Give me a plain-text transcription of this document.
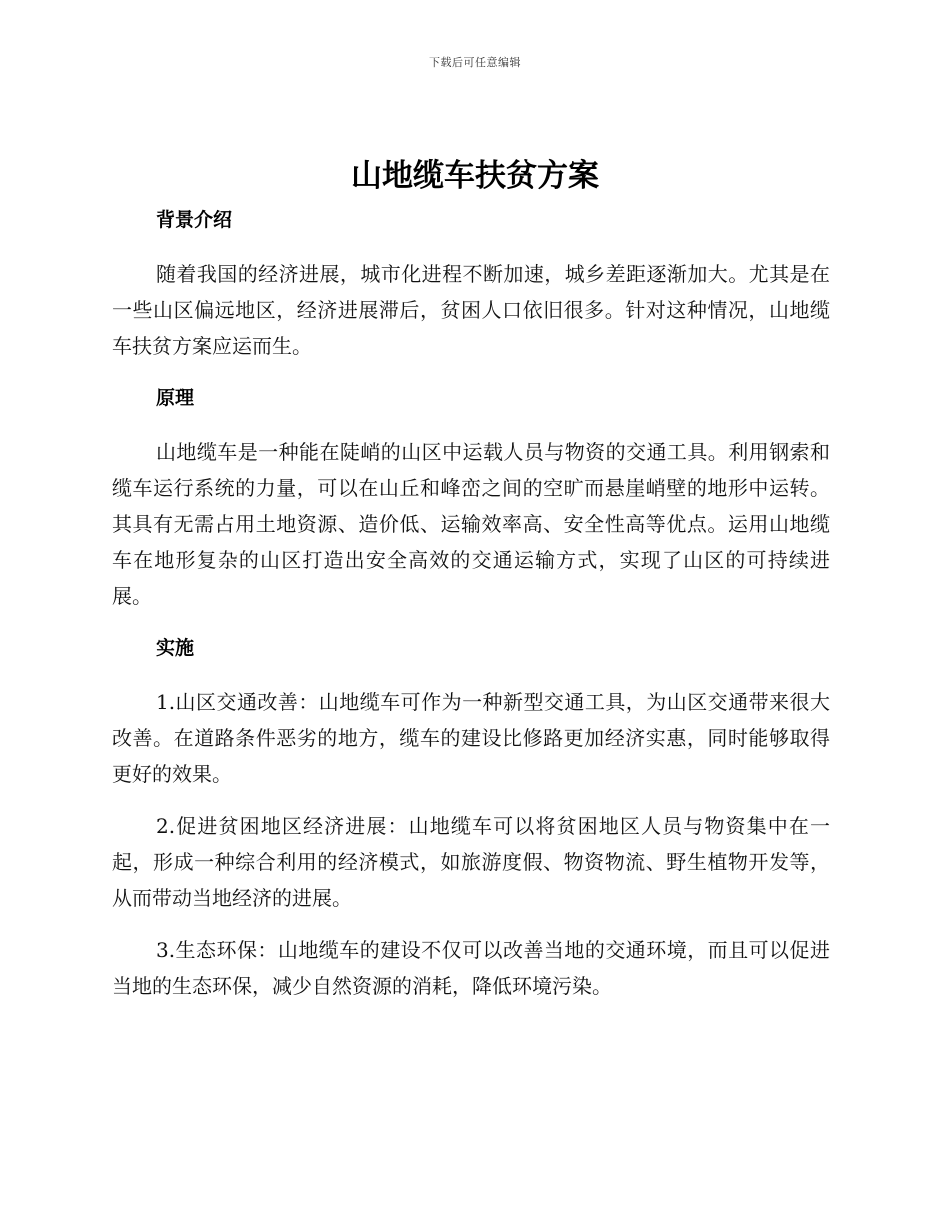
下载后可任意编辑
山地缆车扶贫方案
背景介绍

随着我国的经济进展，城市化进程不断加速，城乡差距逐渐加大。尤其是在一些山区偏远地区，经济进展滞后，贫困人口依旧很多。针对这种情况，山地缆车扶贫方案应运而生。

原理

山地缆车是一种能在陡峭的山区中运载人员与物资的交通工具。利用钢索和缆车运行系统的力量，可以在山丘和峰峦之间的空旷而悬崖峭壁的地形中运转。其具有无需占用土地资源、造价低、运输效率高、安全性高等优点。运用山地缆车在地形复杂的山区打造出安全高效的交通运输方式，实现了山区的可持续进展。

实施

1.山区交通改善：山地缆车可作为一种新型交通工具，为山区交通带来很大改善。在道路条件恶劣的地方，缆车的建设比修路更加经济实惠，同时能够取得更好的效果。

2.促进贫困地区经济进展：山地缆车可以将贫困地区人员与物资集中在一起，形成一种综合利用的经济模式，如旅游度假、物资物流、野生植物开发等，从而带动当地经济的进展。

3.生态环保：山地缆车的建设不仅可以改善当地的交通环境，而且可以促进当地的生态环保，减少自然资源的消耗，降低环境污染。
